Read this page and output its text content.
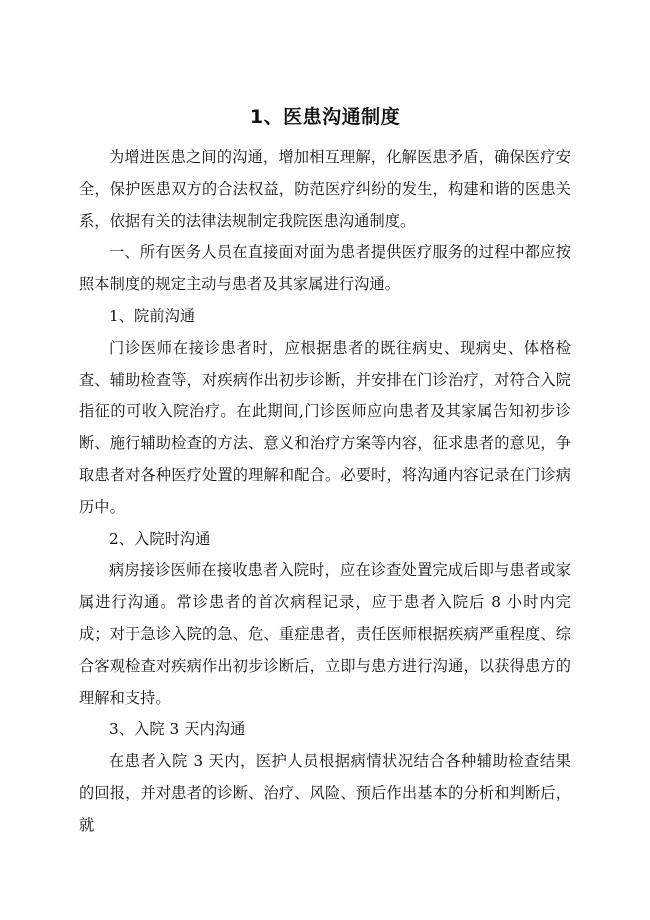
1、医患沟通制度

为增进医患之间的沟通，增加相互理解，化解医患矛盾，确保医疗安全，保护医患双方的合法权益，防范医疗纠纷的发生，构建和谐的医患关系，依据有关的法律法规制定我院医患沟通制度。

一、所有医务人员在直接面对面为患者提供医疗服务的过程中都应按照本制度的规定主动与患者及其家属进行沟通。

1、院前沟通

门诊医师在接诊患者时，应根据患者的既往病史、现病史、体格检查、辅助检查等，对疾病作出初步诊断，并安排在门诊治疗，对符合入院指征的可收入院治疗。在此期间,门诊医师应向患者及其家属告知初步诊断、施行辅助检查的方法、意义和治疗方案等内容，征求患者的意见，争取患者对各种医疗处置的理解和配合。必要时，将沟通内容记录在门诊病历中。

2、入院时沟通

病房接诊医师在接收患者入院时，应在诊查处置完成后即与患者或家属进行沟通。常诊患者的首次病程记录，应于患者入院后 8 小时内完成；对于急诊入院的急、危、重症患者，责任医师根据疾病严重程度、综合客观检查对疾病作出初步诊断后，立即与患方进行沟通，以获得患方的理解和支持。

3、入院 3 天内沟通

在患者入院 3 天内，医护人员根据病情状况结合各种辅助检查结果的回报，并对患者的诊断、治疗、风险、预后作出基本的分析和判断后，就
